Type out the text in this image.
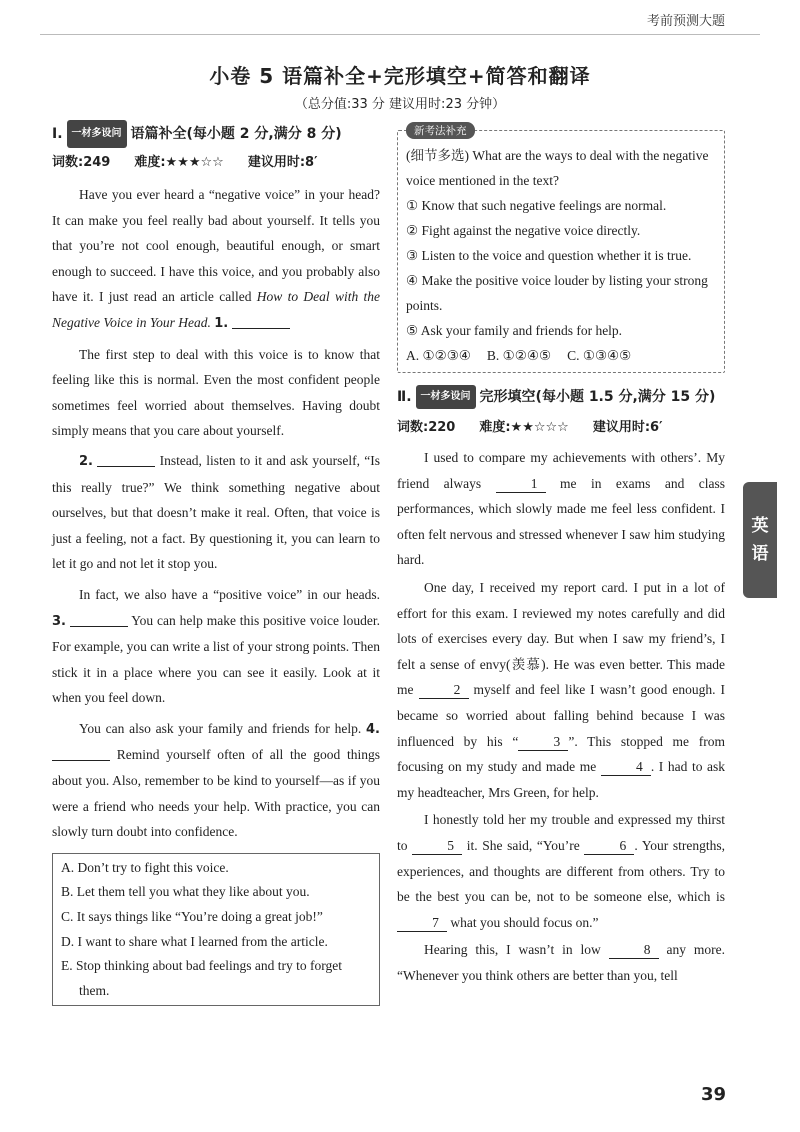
考前预测大题
小卷 5 语篇补全+完形填空+简答和翻译
（总分值:33 分 建议用时:23 分钟）
Ⅰ. 一材多设问 语篇补全(每小题 2 分,满分 8 分)
词数:249 难度:★★★☆☆ 建议用时:8′

Have you ever heard a “negative voice” in your head? It can make you feel really bad about yourself. It tells you that you’re not cool enough, beautiful enough, or smart enough to succeed. I have this voice, and you probably also have it. I just read an article called How to Deal with the Negative Voice in Your Head. 1.

The first step to deal with this voice is to know that feeling like this is normal. Even the most confident people sometimes feel worried about themselves. Having doubt simply means that you care about yourself.

2.	Instead, listen to it and ask yourself, “Is this really true?” We think something negative about ourselves, but that doesn’t make it real. Often, that voice is just a feeling, not a fact. By questioning it, you can learn to let it go and not let it stop you.

In fact, we also have a “positive voice” in our heads. 3.	You can help make this positive voice louder. For example, you can write a list of your strong points. Then stick it in a place where you can see it easily. Look at it when you feel down.

You can also ask your family and friends for help. 4.  Remind yourself often of all the good things about you. Also, remember to be kind to yourself—as if you were a friend who needs your help. With practice, you can slowly turn doubt into confidence.

A. Don’t try to fight this voice.
B. Let them tell you what they like about you.
C. It says things like “You’re doing a great job!”
D. I want to share what I learned from the article.
E. Stop thinking about bad feelings and try to forget
them.
新考法补充
(细节多选) What are the ways to deal with the negative voice mentioned in the text?
① Know that such negative feelings are normal.
② Fight against the negative voice directly.
③ Listen to the voice and question whether it is true.
④ Make the positive voice louder by listing your strong points.
⑤ Ask your family and friends for help.
A. ①②③④ B. ①②④⑤ C. ①③④⑤
Ⅱ. 一材多设问 完形填空(每小题 1.5 分,满分 15 分)
词数:220 难度:★★☆☆☆ 建议用时:6′

I used to compare my achievements with others’. My friend always	1 me in exams and class performances, which slowly made me feel less confident. I often felt nervous and stressed whenever I saw him studying hard.

One day, I received my report card. I put in a lot of effort for this exam. I reviewed my notes carefully and did lots of exercises every day. But when I saw my friend’s, I felt a sense of envy(羡慕). He was even better. This made me	2 myself and feel like I wasn’t good enough. I became so worried about falling behind because I was influenced by his “	3 ”. This stopped me from focusing on my study and made me	4 . I had to ask my headteacher, Mrs Green, for help.

I honestly told her my trouble and expressed my thirst to	5 it. She said, “You’re	6 . Your strengths, experiences, and thoughts are different from others. Try to be the best you can be, not to be someone else, which is 7 what you should focus on.”

Hearing this, I wasn’t in low	8 any more. “Whenever you think others are better than you, tell

英
语
39
